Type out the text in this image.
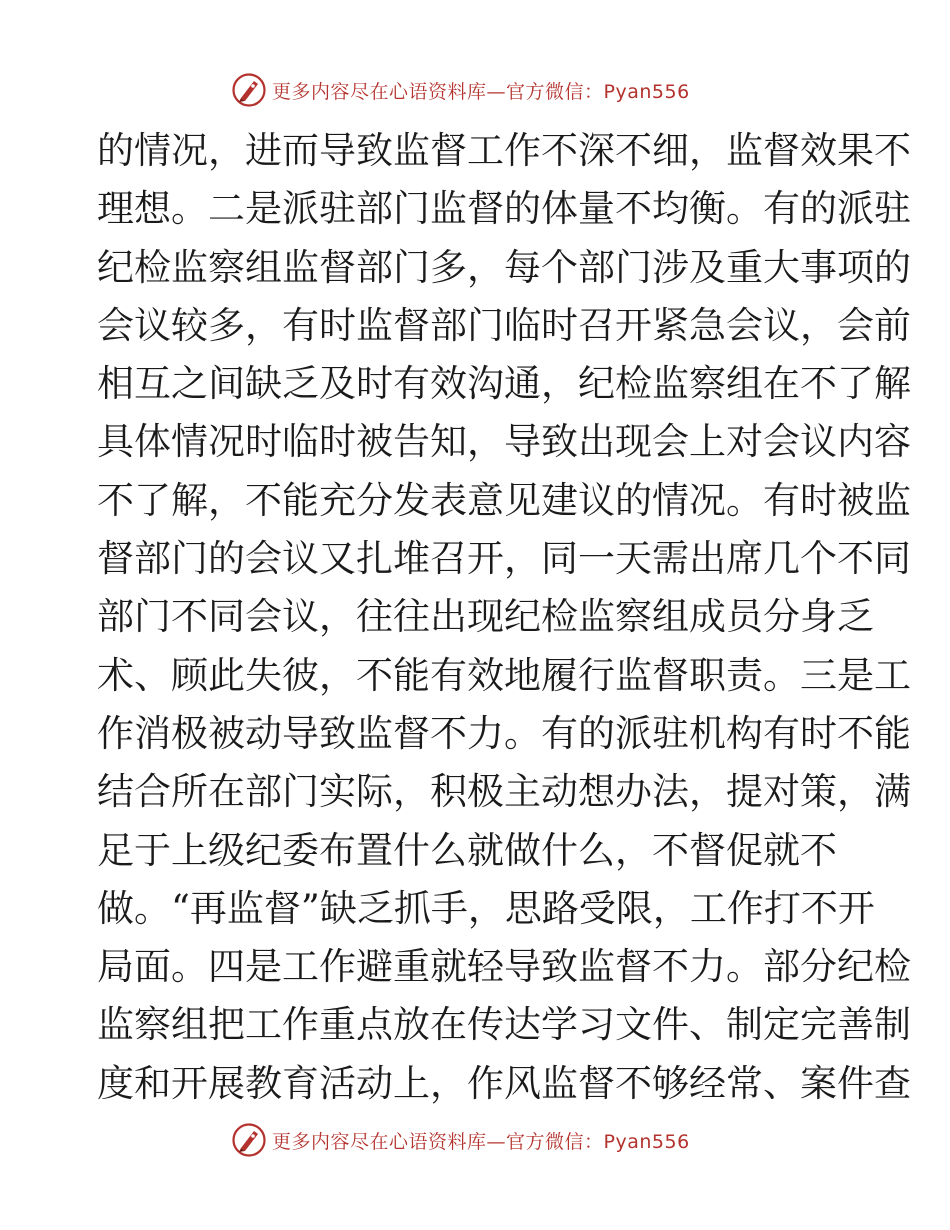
更多内容尽在心语资料库— 官方微信：Pyan556
的情况，进而导致监督工作不深不细，监督效果不
理想。二是派驻部门监督的体量不均衡。有的派驻
纪检监察组监督部门多，每个部门涉及重大事项的
会议较多，有时监督部门临时召开紧急会议，会前
相互之间缺乏及时有效沟通，纪检监察组在不了解
具体情况时临时被告知，导致出现会上对会议内容
不了解，不能充分发表意见建议的情况。有时被监
督部门的会议又扎堆召开，同一天需出席几个不同
部门不同会议，往往出现纪检监察组成员分身乏
术、顾此失彼，不能有效地履行监督职责。三是工
作消极被动导致监督不力。有的派驻机构有时不能
结合所在部门实际，积极主动想办法，提对策，满
足于上级纪委布置什么就做什么，不督促就不
做。“再监督”缺乏抓手，思路受限，工作打不开
局面。四是工作避重就轻导致监督不力。部分纪检
监察组把工作重点放在传达学习文件、制定完善制
度和开展教育活动上，作风监督不够经常、案件查
更多内容尽在心语资料库— 官方微信：Pyan556
